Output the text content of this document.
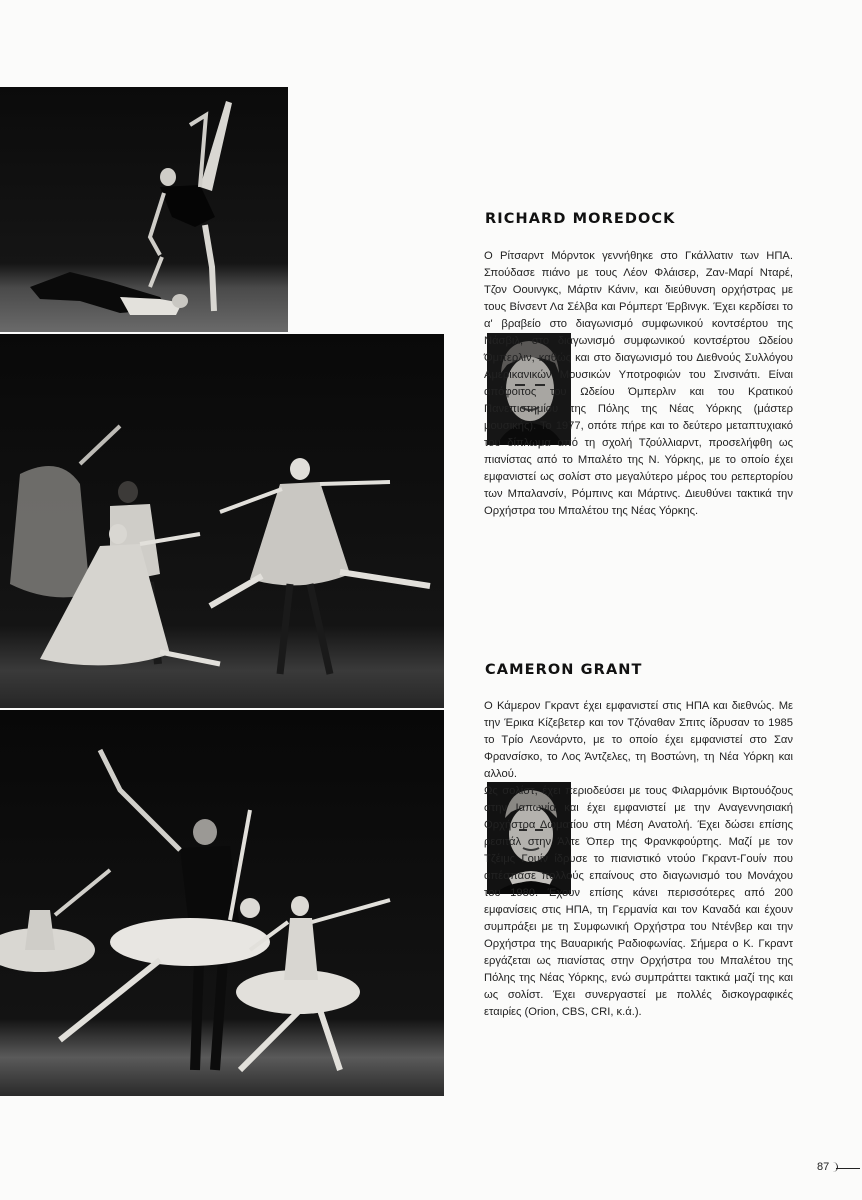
RICHARD MOREDOCK

Ο Ρίτσαρντ Μόρντοκ γεννήθηκε στο Γκάλλατιν των ΗΠΑ. Σπούδασε πιάνο με τους Λέον Φλάισερ, Ζαν-Μαρί Νταρέ, Τζον Οουινγκς, Μάρτιν Κάνιν, και διεύθυνση ορχήστρας με τους Βίνσεντ Λα Σέλβα και Ρόμπερτ Έρβινγκ. Έχει κερδίσει το α' βραβείο στο διαγωνισμό συμφωνικού κοντσέρτου της Νάσβιλ, στο διαγωνισμό συμφωνικού κοντσέρτου Ωδείου Όμπερλιν, καθώς και στο διαγωνισμό του Διεθνούς Συλλόγου Αμερικανικών Μουσικών Υποτροφιών του Σινσινάτι. Είναι απόφοιτος του Ωδείου Όμπερλιν και του Κρατικού Πανεπιστημίου της Πόλης της Νέας Υόρκης (μάστερ μουσικής). Το 1977, οπότε πήρε και το δεύτερο μεταπτυχιακό του δίπλωμα από τη σχολή Τζούλλιαρντ, προσελήφθη ως πιανίστας από το Μπαλέτο της Ν. Υόρκης, με το οποίο έχει εμφανιστεί ως σολίστ στο μεγαλύτερο μέρος του ρεπερτορίου των Μπαλανσίν, Ρόμπινς και Μάρτινς. Διευθύνει τακτικά την Ορχήστρα του Μπαλέτου της Νέας Υόρκης.

CAMERON GRANT

Ο Κάμερον Γκραντ έχει εμφανιστεί στις ΗΠΑ και διεθνώς. Με την Έρικα Κίζεβετερ και τον Τζόναθαν Σπιτς ίδρυσαν το 1985 το Τρίο Λεονάρντο, με το οποίο έχει εμφανιστεί στο Σαν Φρανσίσκο, το Λος Άντζελες, τη Βοστώνη, τη Νέα Υόρκη και αλλού.

Ως σολίστ, έχει περιοδεύσει με τους Φιλαρμόνικ Βιρτουόζους στην Ιαπωνία και έχει εμφανιστεί με την Αναγεννησιακή Ορχήστρα Δωματίου στη Μέση Ανατολή. Έχει δώσει επίσης ρεσιτάλ στην Άλτε Όπερ της Φρανκφούρτης. Μαζί με τον Τζέιμς Γουίν ίδρυσε το πιανιστικό ντούο Γκραντ-Γουίν που απέσπασε πολλούς επαίνους στο διαγωνισμό του Μονάχου του 1980. Έχουν επίσης κάνει περισσότερες από 200 εμφανίσεις στις ΗΠΑ, τη Γερμανία και τον Καναδά και έχουν συμπράξει με τη Συμφωνική Ορχήστρα του Ντένβερ και την Ορχήστρα της Βαυαρικής Ραδιοφωνίας. Σήμερα ο Κ. Γκραντ εργάζεται ως πιανίστας στην Ορχήστρα του Μπαλέτου της Πόλης της Νέας Υόρκης, ενώ συμπράττει τακτικά μαζί της και ως σολίστ. Έχει συνεργαστεί με πολλές δισκογραφικές εταιρίες (Orion, CBS, CRI, κ.ά.).

87
